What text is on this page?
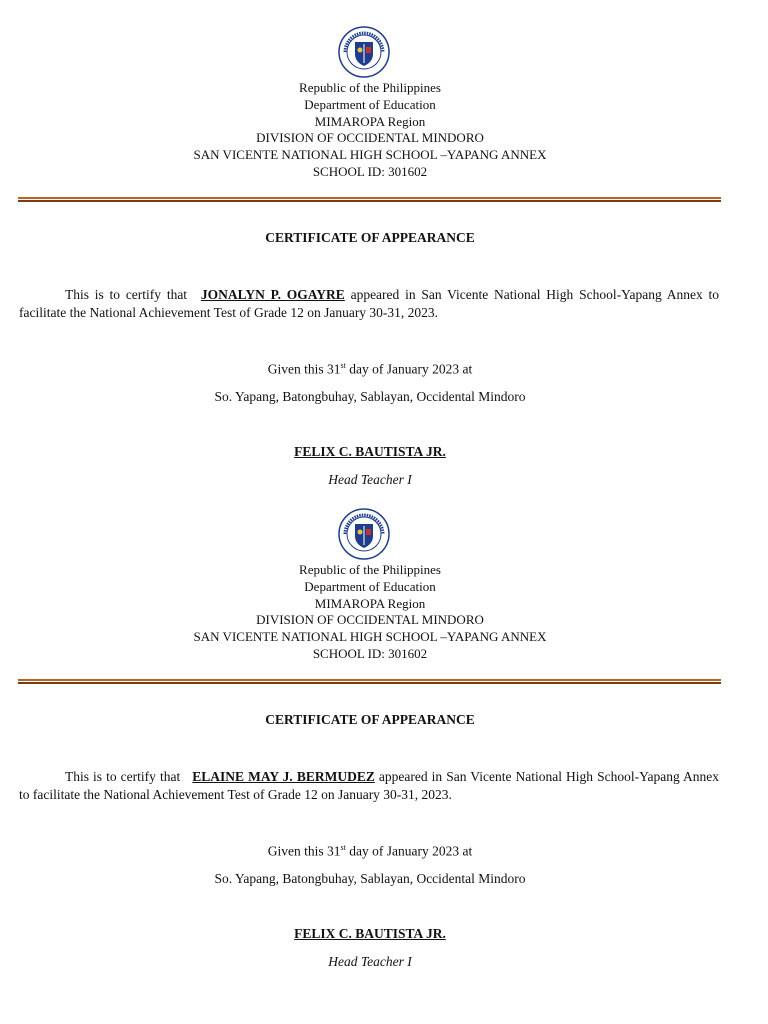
Republic of the Philippines
Department of Education
MIMAROPA Region
DIVISION OF OCCIDENTAL MINDORO
SAN VICENTE NATIONAL HIGH SCHOOL –YAPANG ANNEX
SCHOOL ID: 301602
CERTIFICATE OF APPEARANCE
This is to certify that JONALYN P. OGAYRE appeared in San Vicente National High School-Yapang Annex to facilitate the National Achievement Test of Grade 12 on January 30-31, 2023.
Given this 31st day of January 2023 at
So. Yapang, Batongbuhay, Sablayan, Occidental Mindoro
FELIX C. BAUTISTA JR.
Head Teacher I
Republic of the Philippines
Department of Education
MIMAROPA Region
DIVISION OF OCCIDENTAL MINDORO
SAN VICENTE NATIONAL HIGH SCHOOL –YAPANG ANNEX
SCHOOL ID: 301602
CERTIFICATE OF APPEARANCE
This is to certify that ELAINE MAY J. BERMUDEZ appeared in San Vicente National High School-Yapang Annex to facilitate the National Achievement Test of Grade 12 on January 30-31, 2023.
Given this 31st day of January 2023 at
So. Yapang, Batongbuhay, Sablayan, Occidental Mindoro
FELIX C. BAUTISTA JR.
Head Teacher I
